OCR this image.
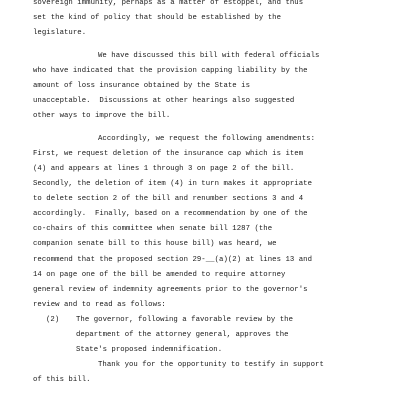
sovereign immunity, perhaps as a matter of estoppel, and thus
set the kind of policy that should be established by the
legislature.
We have discussed this bill with federal officials
who have indicated that the provision capping liability by the
amount of loss insurance obtained by the State is
unacceptable.  Discussions at other hearings also suggested
other ways to improve the bill.
Accordingly, we request the following amendments:
First, we request deletion of the insurance cap which is item
(4) and appears at lines 1 through 3 on page 2 of the bill.
Secondly, the deletion of item (4) in turn makes it appropriate
to delete section 2 of the bill and renumber sections 3 and 4
accordingly.  Finally, based on a recommendation by one of the
co-chairs of this committee when senate bill 1287 (the
companion senate bill to this house bill) was heard, we
recommend that the proposed section 29-__(a)(2) at lines 13 and
14 on page one of the bill be amended to require attorney
general review of indemnity agreements prior to the governor's
review and to read as follows:
(2) The governor, following a favorable review by the
department of the attorney general, approves the
State's proposed indemnification.
Thank you for the opportunity to testify in support
of this bill.
